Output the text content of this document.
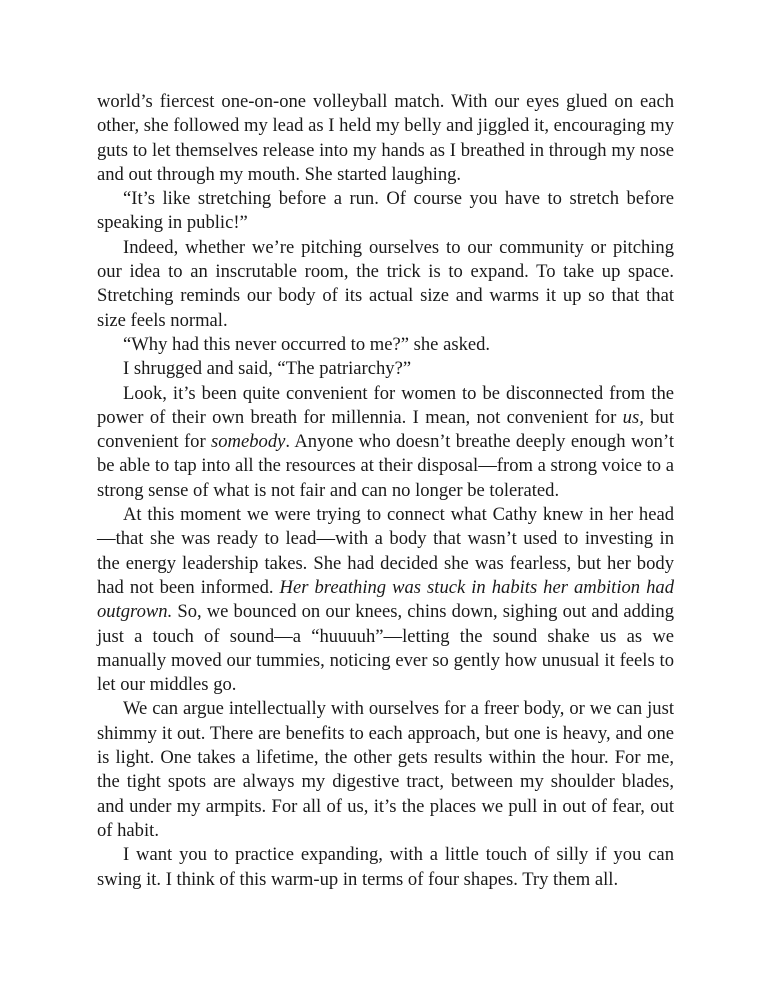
world’s fiercest one-on-one volleyball match. With our eyes glued on each other, she followed my lead as I held my belly and jiggled it, encouraging my guts to let themselves release into my hands as I breathed in through my nose and out through my mouth. She started laughing.

“It’s like stretching before a run. Of course you have to stretch before speaking in public!”

Indeed, whether we’re pitching ourselves to our community or pitching our idea to an inscrutable room, the trick is to expand. To take up space. Stretching reminds our body of its actual size and warms it up so that that size feels normal.

“Why had this never occurred to me?” she asked.

I shrugged and said, “The patriarchy?”

Look, it’s been quite convenient for women to be disconnected from the power of their own breath for millennia. I mean, not convenient for us, but convenient for somebody. Anyone who doesn’t breathe deeply enough won’t be able to tap into all the resources at their disposal—from a strong voice to a strong sense of what is not fair and can no longer be tolerated.

At this moment we were trying to connect what Cathy knew in her head —that she was ready to lead—with a body that wasn’t used to investing in the energy leadership takes. She had decided she was fearless, but her body had not been informed. Her breathing was stuck in habits her ambition had outgrown. So, we bounced on our knees, chins down, sighing out and adding just a touch of sound—a “huuuuh”—letting the sound shake us as we manually moved our tummies, noticing ever so gently how unusual it feels to let our middles go.

We can argue intellectually with ourselves for a freer body, or we can just shimmy it out. There are benefits to each approach, but one is heavy, and one is light. One takes a lifetime, the other gets results within the hour. For me, the tight spots are always my digestive tract, between my shoulder blades, and under my armpits. For all of us, it’s the places we pull in out of fear, out of habit.

I want you to practice expanding, with a little touch of silly if you can swing it. I think of this warm-up in terms of four shapes. Try them all.
